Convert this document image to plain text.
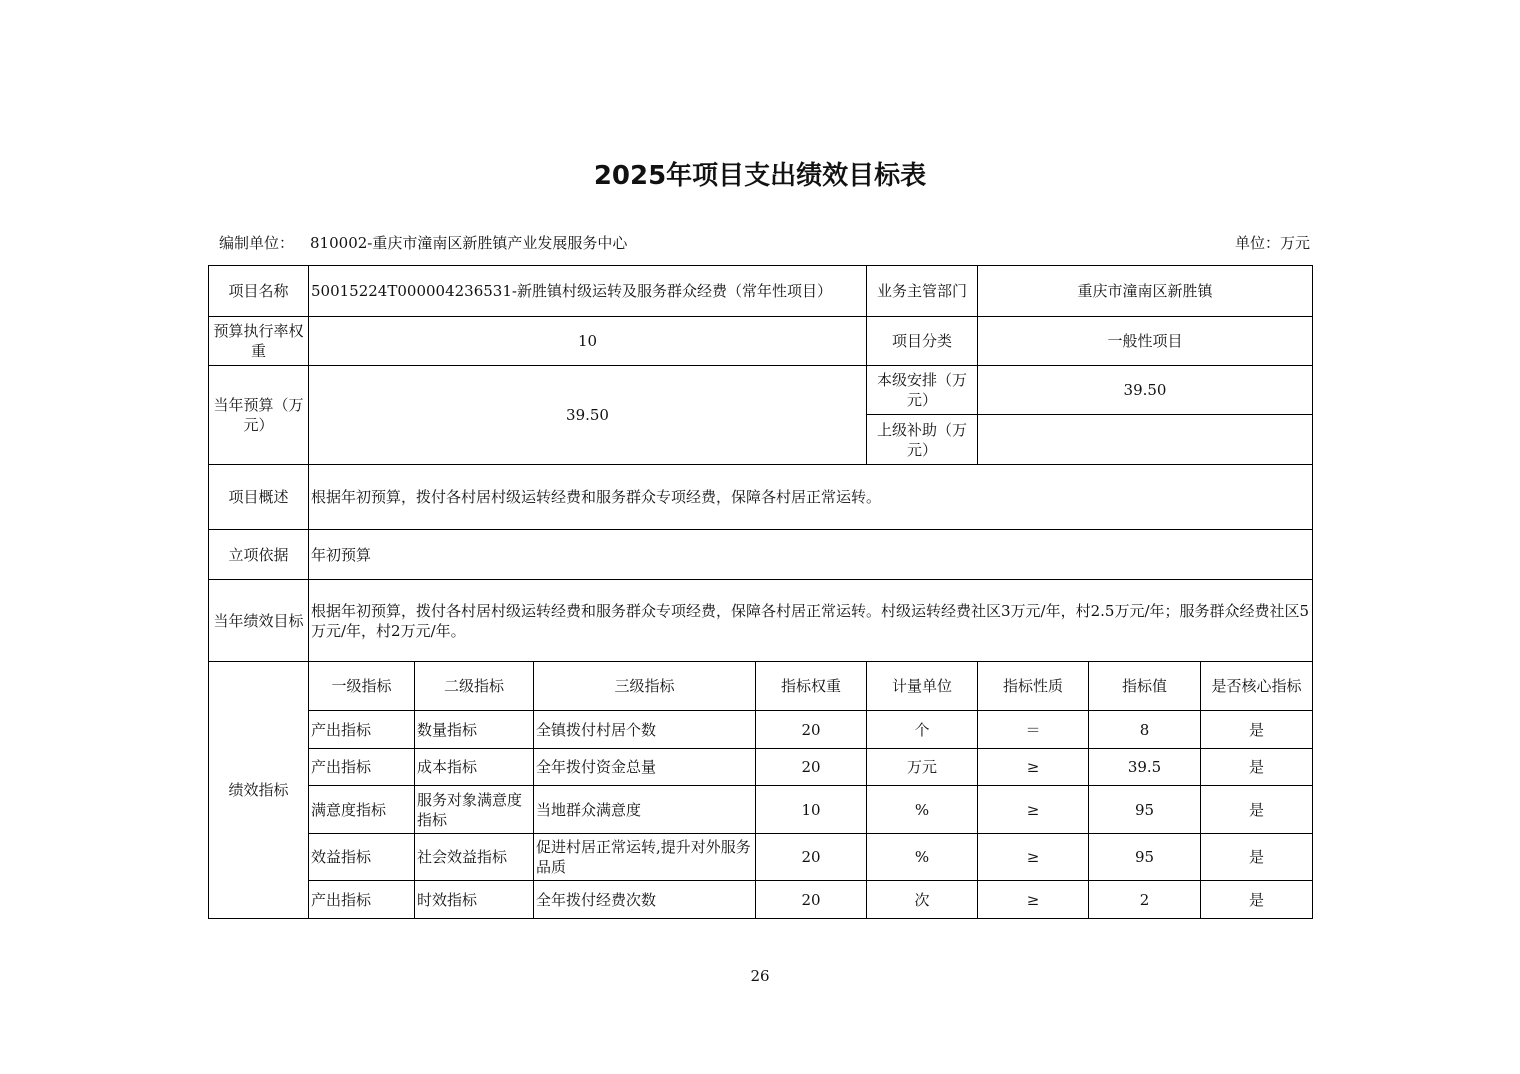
2025年项目支出绩效目标表
编制单位： 810002-重庆市潼南区新胜镇产业发展服务中心	单位：万元
项目名称	50015224T000004236531-新胜镇村级运转及服务群众经费（常年性项目）				业务主管部门	重庆市潼南区新胜镇		
预算执行率权重	10				项目分类	一般性项目		
当年预算（万元）	39.50				本级安排（万元）	39.50		
					上级补助（万元）			
项目概述	根据年初预算，拨付各村居村级运转经费和服务群众专项经费，保障各村居正常运转。							
立项依据	年初预算							
当年绩效目标	根据年初预算，拨付各村居村级运转经费和服务群众专项经费，保障各村居正常运转。村级运转经费社区3万元/年，村2.5万元/年；服务群众经费社区5万元/年，村2万元/年。							
绩效指标	一级指标	二级指标	三级指标	指标权重	计量单位	指标性质	指标值	是否核心指标
	产出指标	数量指标	全镇拨付村居个数	20	个	＝	8	是
	产出指标	成本指标	全年拨付资金总量	20	万元	≥	39.5	是
	满意度指标	服务对象满意度指标	当地群众满意度	10	%	≥	95	是
	效益指标	社会效益指标	促进村居正常运转,提升对外服务品质	20	%	≥	95	是
	产出指标	时效指标	全年拨付经费次数	20	次	≥	2	是
26
